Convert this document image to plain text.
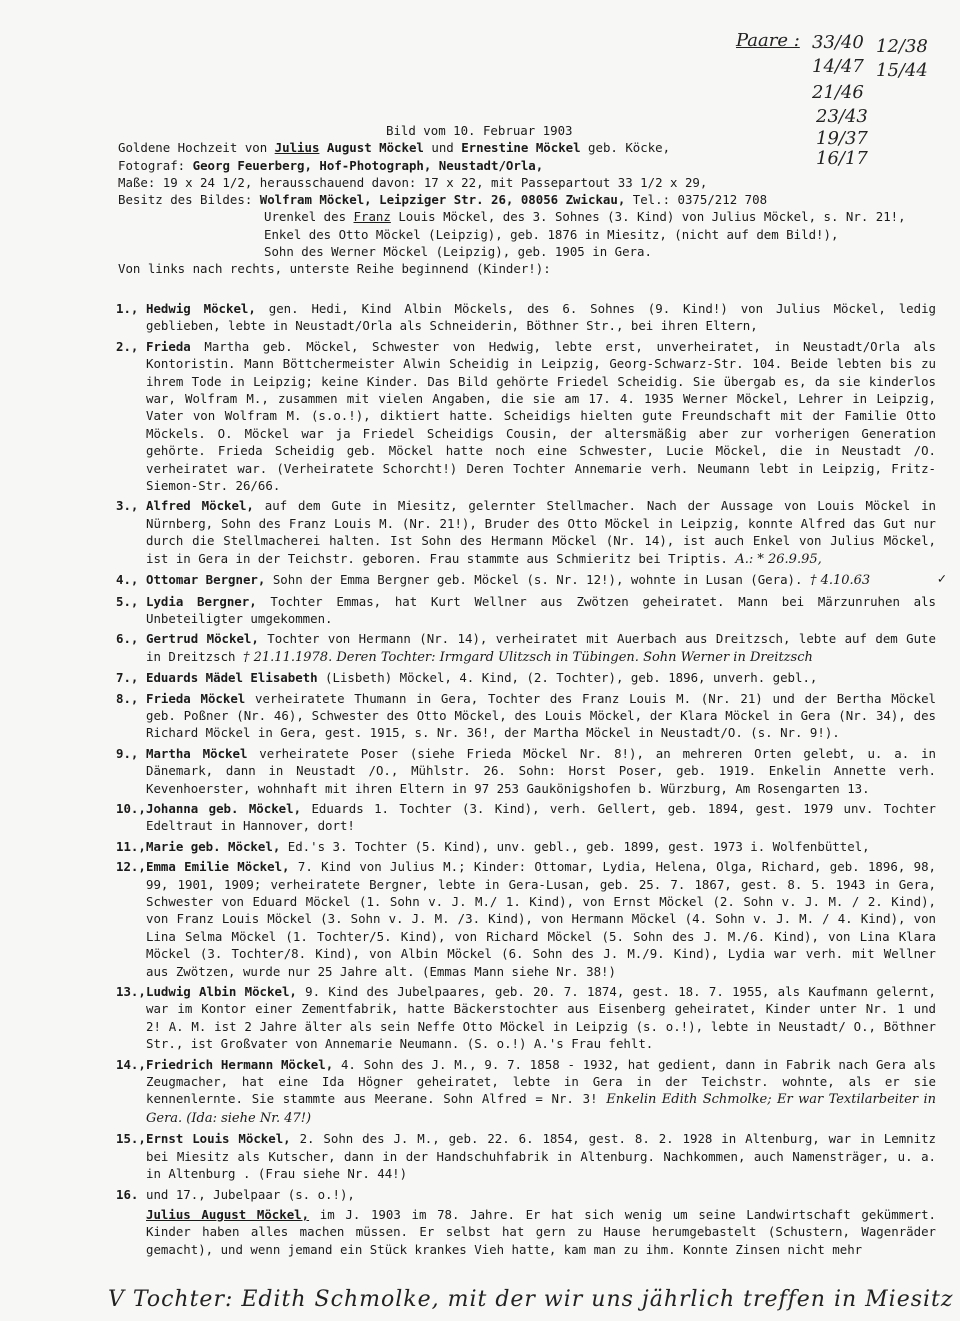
Paare : 33/40 12/38
14/47 15/44
21/46
23/43
19/37
16/17
Bild vom 10. Februar 1903
Goldene Hochzeit von Julius August Möckel und Ernestine Möckel geb. Köcke,
Fotograf: Georg Feuerberg, Hof-Photograph, Neustadt/Orla,
Maße: 19 x 24 1/2, herausschauend davon: 17 x 22, mit Passepartout 33 1/2 x 29,
Besitz des Bildes: Wolfram Möckel, Leipziger Str. 26, 08056 Zwickau, Tel.: 0375/212 708
Urenkel des Franz Louis Möckel, des 3. Sohnes (3. Kind) von Julius Möckel, s. Nr. 21!,
Enkel des Otto Möckel (Leipzig), geb. 1876 in Miesitz, (nicht auf dem Bild!),
Sohn des Werner Möckel (Leipzig), geb. 1905 in Gera.
Von links nach rechts, unterste Reihe beginnend (Kinder!):
1., Hedwig Möckel, gen. Hedi, Kind Albin Möckels, des 6. Sohnes (9. Kind!) von Julius Möckel, ledig geblieben, lebte in Neustadt/Orla als Schneiderin, Böthner Str., bei ihren Eltern,
2., Frieda Martha geb. Möckel, Schwester von Hedwig, lebte erst, unverheiratet, in Neustadt/Orla als Kontoristin. Mann Böttchermeister Alwin Scheidig in Leipzig, Georg-Schwarz-Str. 104. Beide lebten bis zu ihrem Tode in Leipzig; keine Kinder. Das Bild gehörte Friedel Scheidig. Sie übergab es, da sie kinderlos war, Wolfram M., zusammen mit vielen Angaben, die sie am 17. 4. 1935 Werner Möckel, Lehrer in Leipzig, Vater von Wolfram M. (s.o.!), diktiert hatte. Scheidigs hielten gute Freundschaft mit der Familie Otto Möckels. O. Möckel war ja Friedel Scheidigs Cousin, der altersmäßig aber zur vorherigen Generation gehörte. Frieda Scheidig geb. Möckel hatte noch eine Schwester, Lucie Möckel, die in Neustadt /O. verheiratet war. (Verheiratete Schorcht!) Deren Tochter Annemarie verh. Neumann lebt in Leipzig, Fritz-Siemon-Str. 26/66.
3., Alfred Möckel, auf dem Gute in Miesitz, gelernter Stellmacher. Nach der Aussage von Louis Möckel in Nürnberg, Sohn des Franz Louis M. (Nr. 21!), Bruder des Otto Möckel in Leipzig, konnte Alfred das Gut nur durch die Stellmacherei halten. Ist Sohn des Hermann Möckel (Nr. 14), ist auch Enkel von Julius Möckel, ist in Gera in der Teichstr. geboren. Frau stammte aus Schmieritz bei Triptis. A.: * 26.9.95,
4., Ottomar Bergner, Sohn der Emma Bergner geb. Möckel (s. Nr. 12!), wohnte in Lusan (Gera). † 4.10.63	✓
5., Lydia Bergner, Tochter Emmas, hat Kurt Wellner aus Zwötzen geheiratet. Mann bei Märzunruhen als Unbeteiligter umgekommen.
6., Gertrud Möckel, Tochter von Hermann (Nr. 14), verheiratet mit Auerbach aus Dreitzsch, lebte auf dem Gute in Dreitzsch † 21.11.1978. Deren Tochter: Irmgard Ulitzsch in Tübingen. Sohn Werner in Dreitzsch
7., Eduards Mädel Elisabeth (Lisbeth) Möckel, 4. Kind, (2. Tochter), geb. 1896, unverh. gebl.,
8., Frieda Möckel verheiratete Thumann in Gera, Tochter des Franz Louis M. (Nr. 21) und der Bertha Möckel geb. Poßner (Nr. 46), Schwester des Otto Möckel, des Louis Möckel, der Klara Möckel in Gera (Nr. 34), des Richard Möckel in Gera, gest. 1915, s. Nr. 36!, der Martha Möckel in Neustadt/O. (s. Nr. 9!).
9., Martha Möckel verheiratete Poser (siehe Frieda Möckel Nr. 8!), an mehreren Orten gelebt, u. a. in Dänemark, dann in Neustadt /O., Mühlstr. 26. Sohn: Horst Poser, geb. 1919. Enkelin Annette verh. Kevenhoerster, wohnhaft mit ihren Eltern in 97 253 Gaukönigshofen b. Würzburg, Am Rosengarten 13.
10., Johanna geb. Möckel, Eduards 1. Tochter (3. Kind), verh. Gellert, geb. 1894, gest. 1979 unv. Tochter Edeltraut in Hannover, dort!
11., Marie geb. Möckel, Ed.'s 3. Tochter (5. Kind), unv. gebl., geb. 1899, gest. 1973 i. Wolfenbüttel,
12., Emma Emilie Möckel, 7. Kind von Julius M.; Kinder: Ottomar, Lydia, Helena, Olga, Richard, geb. 1896, 98, 99, 1901, 1909; verheiratete Bergner, lebte in Gera-Lusan, geb. 25. 7. 1867, gest. 8. 5. 1943 in Gera, Schwester von Eduard Möckel (1. Sohn v. J. M./ 1. Kind), von Ernst Möckel (2. Sohn v. J. M. / 2. Kind), von Franz Louis Möckel (3. Sohn v. J. M. /3. Kind), von Hermann Möckel (4. Sohn v. J. M. / 4. Kind), von Lina Selma Möckel (1. Tochter/5. Kind), von Richard Möckel (5. Sohn des J. M./6. Kind), von Lina Klara Möckel (3. Tochter/8. Kind), von Albin Möckel (6. Sohn des J. M./9. Kind), Lydia war verh. mit Wellner aus Zwötzen, wurde nur 25 Jahre alt. (Emmas Mann siehe Nr. 38!)
13., Ludwig Albin Möckel, 9. Kind des Jubelpaares, geb. 20. 7. 1874, gest. 18. 7. 1955, als Kaufmann gelernt, war im Kontor einer Zementfabrik, hatte Bäckerstochter aus Eisenberg geheiratet, Kinder unter Nr. 1 und 2! A. M. ist 2 Jahre älter als sein Neffe Otto Möckel in Leipzig (s. o.!), lebte in Neustadt/ O., Böthner Str., ist Großvater von Annemarie Neumann. (S. o.!) A.'s Frau fehlt.
14., Friedrich Hermann Möckel, 4. Sohn des J. M., 9. 7. 1858 - 1932, hat gedient, dann in Fabrik nach Gera als Zeugmacher, hat eine Ida Högner geheiratet, lebte in Gera in der Teichstr. wohnte, als er sie kennenlernte. Sie stammte aus Meerane. Sohn Alfred = Nr. 3! Enkelin Edith Schmolke; Er war Textilarbeiter in Gera. (Ida: siehe Nr. 47!)
15., Ernst Louis Möckel, 2. Sohn des J. M., geb. 22. 6. 1854, gest. 8. 2. 1928 in Altenburg, war in Lemnitz bei Miesitz als Kutscher, dann in der Handschuhfabrik in Altenburg. Nachkommen, auch Namensträger, u. a. in Altenburg . (Frau siehe Nr. 44!)
16. und 17., Jubelpaar (s. o.!),
Julius August Möckel, im J. 1903 im 78. Jahre. Er hat sich wenig um seine Landwirtschaft gekümmert. Kinder haben alles machen müssen. Er selbst hat gern zu Hause herumgebastelt (Schustern, Wagenräder gemacht), und wenn jemand ein Stück krankes Vieh hatte, kam man zu ihm. Konnte Zinsen nicht mehr
V Tochter: Edith Schmolke, mit der wir uns jährlich treffen in Miesitz
